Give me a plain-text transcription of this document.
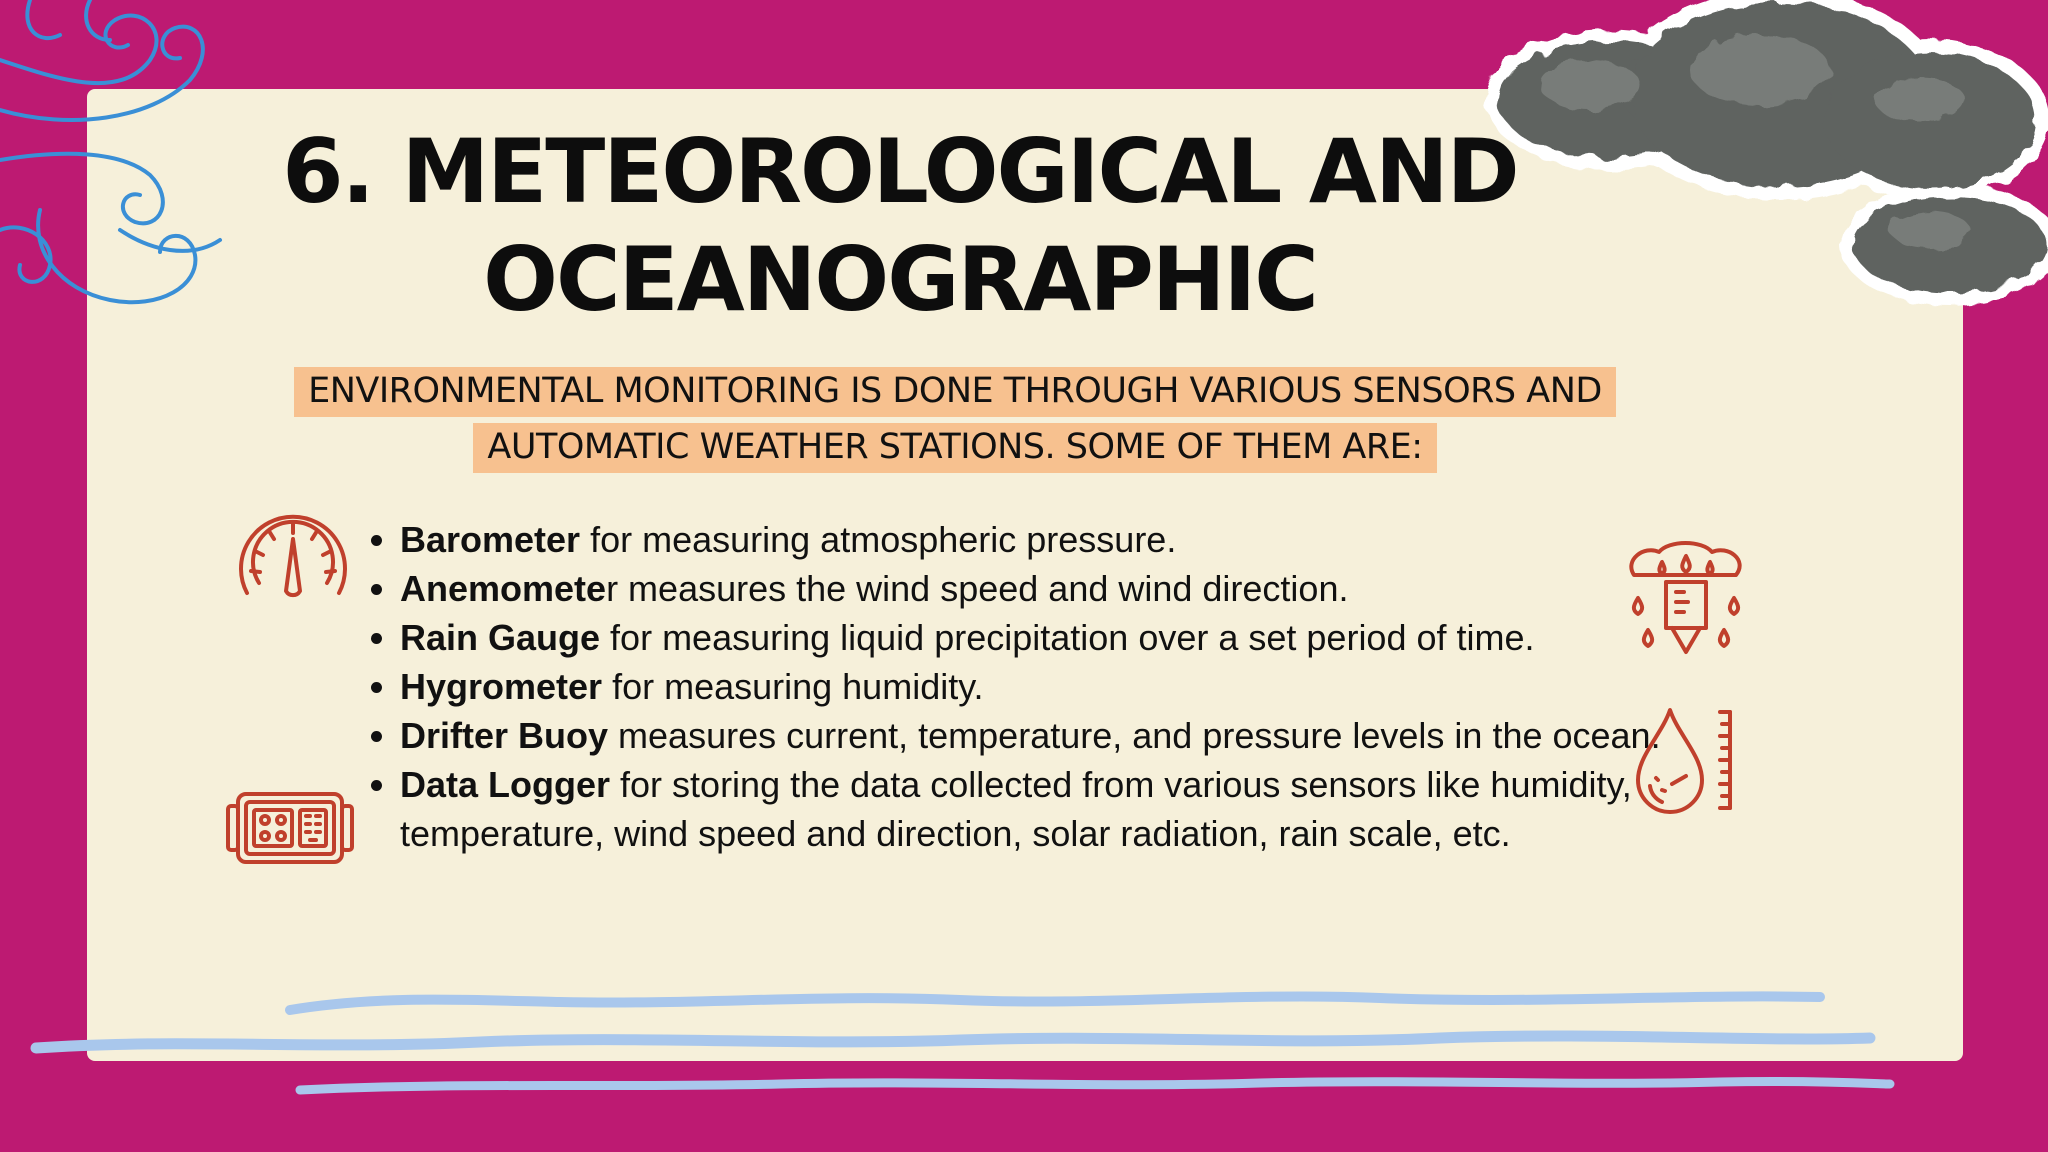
6. METEOROLOGICAL AND
OCEANOGRAPHIC

ENVIRONMENTAL MONITORING IS DONE THROUGH VARIOUS SENSORS AND
AUTOMATIC WEATHER STATIONS. SOME OF THEM ARE:

• Barometer for measuring atmospheric pressure.
• Anemometer measures the wind speed and wind direction.
• Rain Gauge for measuring liquid precipitation over a set period of time.
• Hygrometer for measuring humidity.
• Drifter Buoy measures current, temperature, and pressure levels in the ocean.
• Data Logger for storing the data collected from various sensors like humidity, temperature, wind speed and direction, solar radiation, rain scale, etc.
